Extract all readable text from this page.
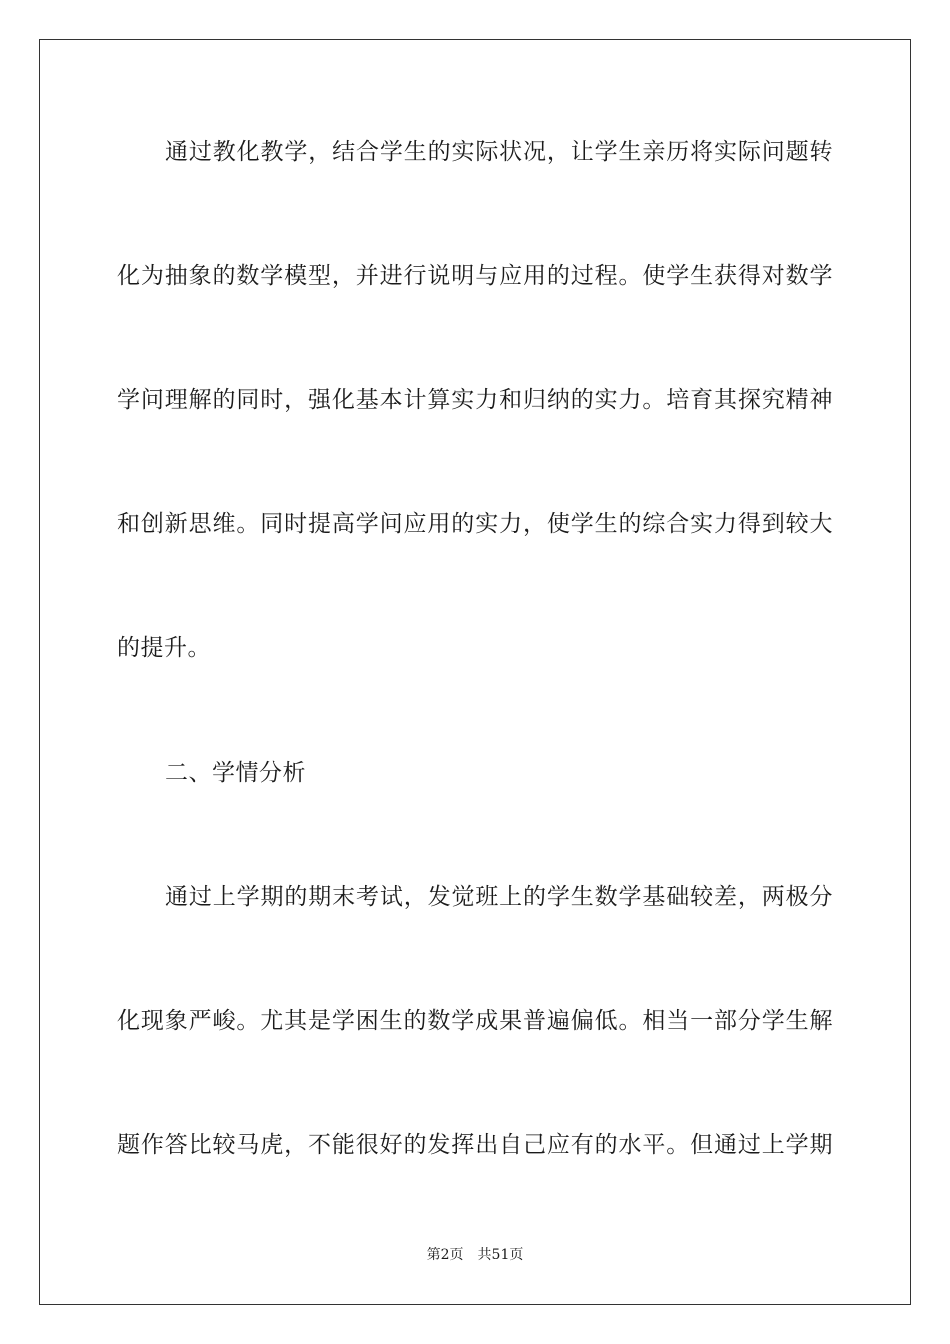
通过教化教学，结合学生的实际状况，让学生亲历将实际问题转
化为抽象的数学模型，并进行说明与应用的过程。使学生获得对数学
学问理解的同时，强化基本计算实力和归纳的实力。培育其探究精神
和创新思维。同时提高学问应用的实力，使学生的综合实力得到较大
的提升。
二、学情分析
通过上学期的期末考试，发觉班上的学生数学基础较差，两极分
化现象严峻。尤其是学困生的数学成果普遍偏低。相当一部分学生解
题作答比较马虎，不能很好的发挥出自己应有的水平。但通过上学期
第2页 共51页
